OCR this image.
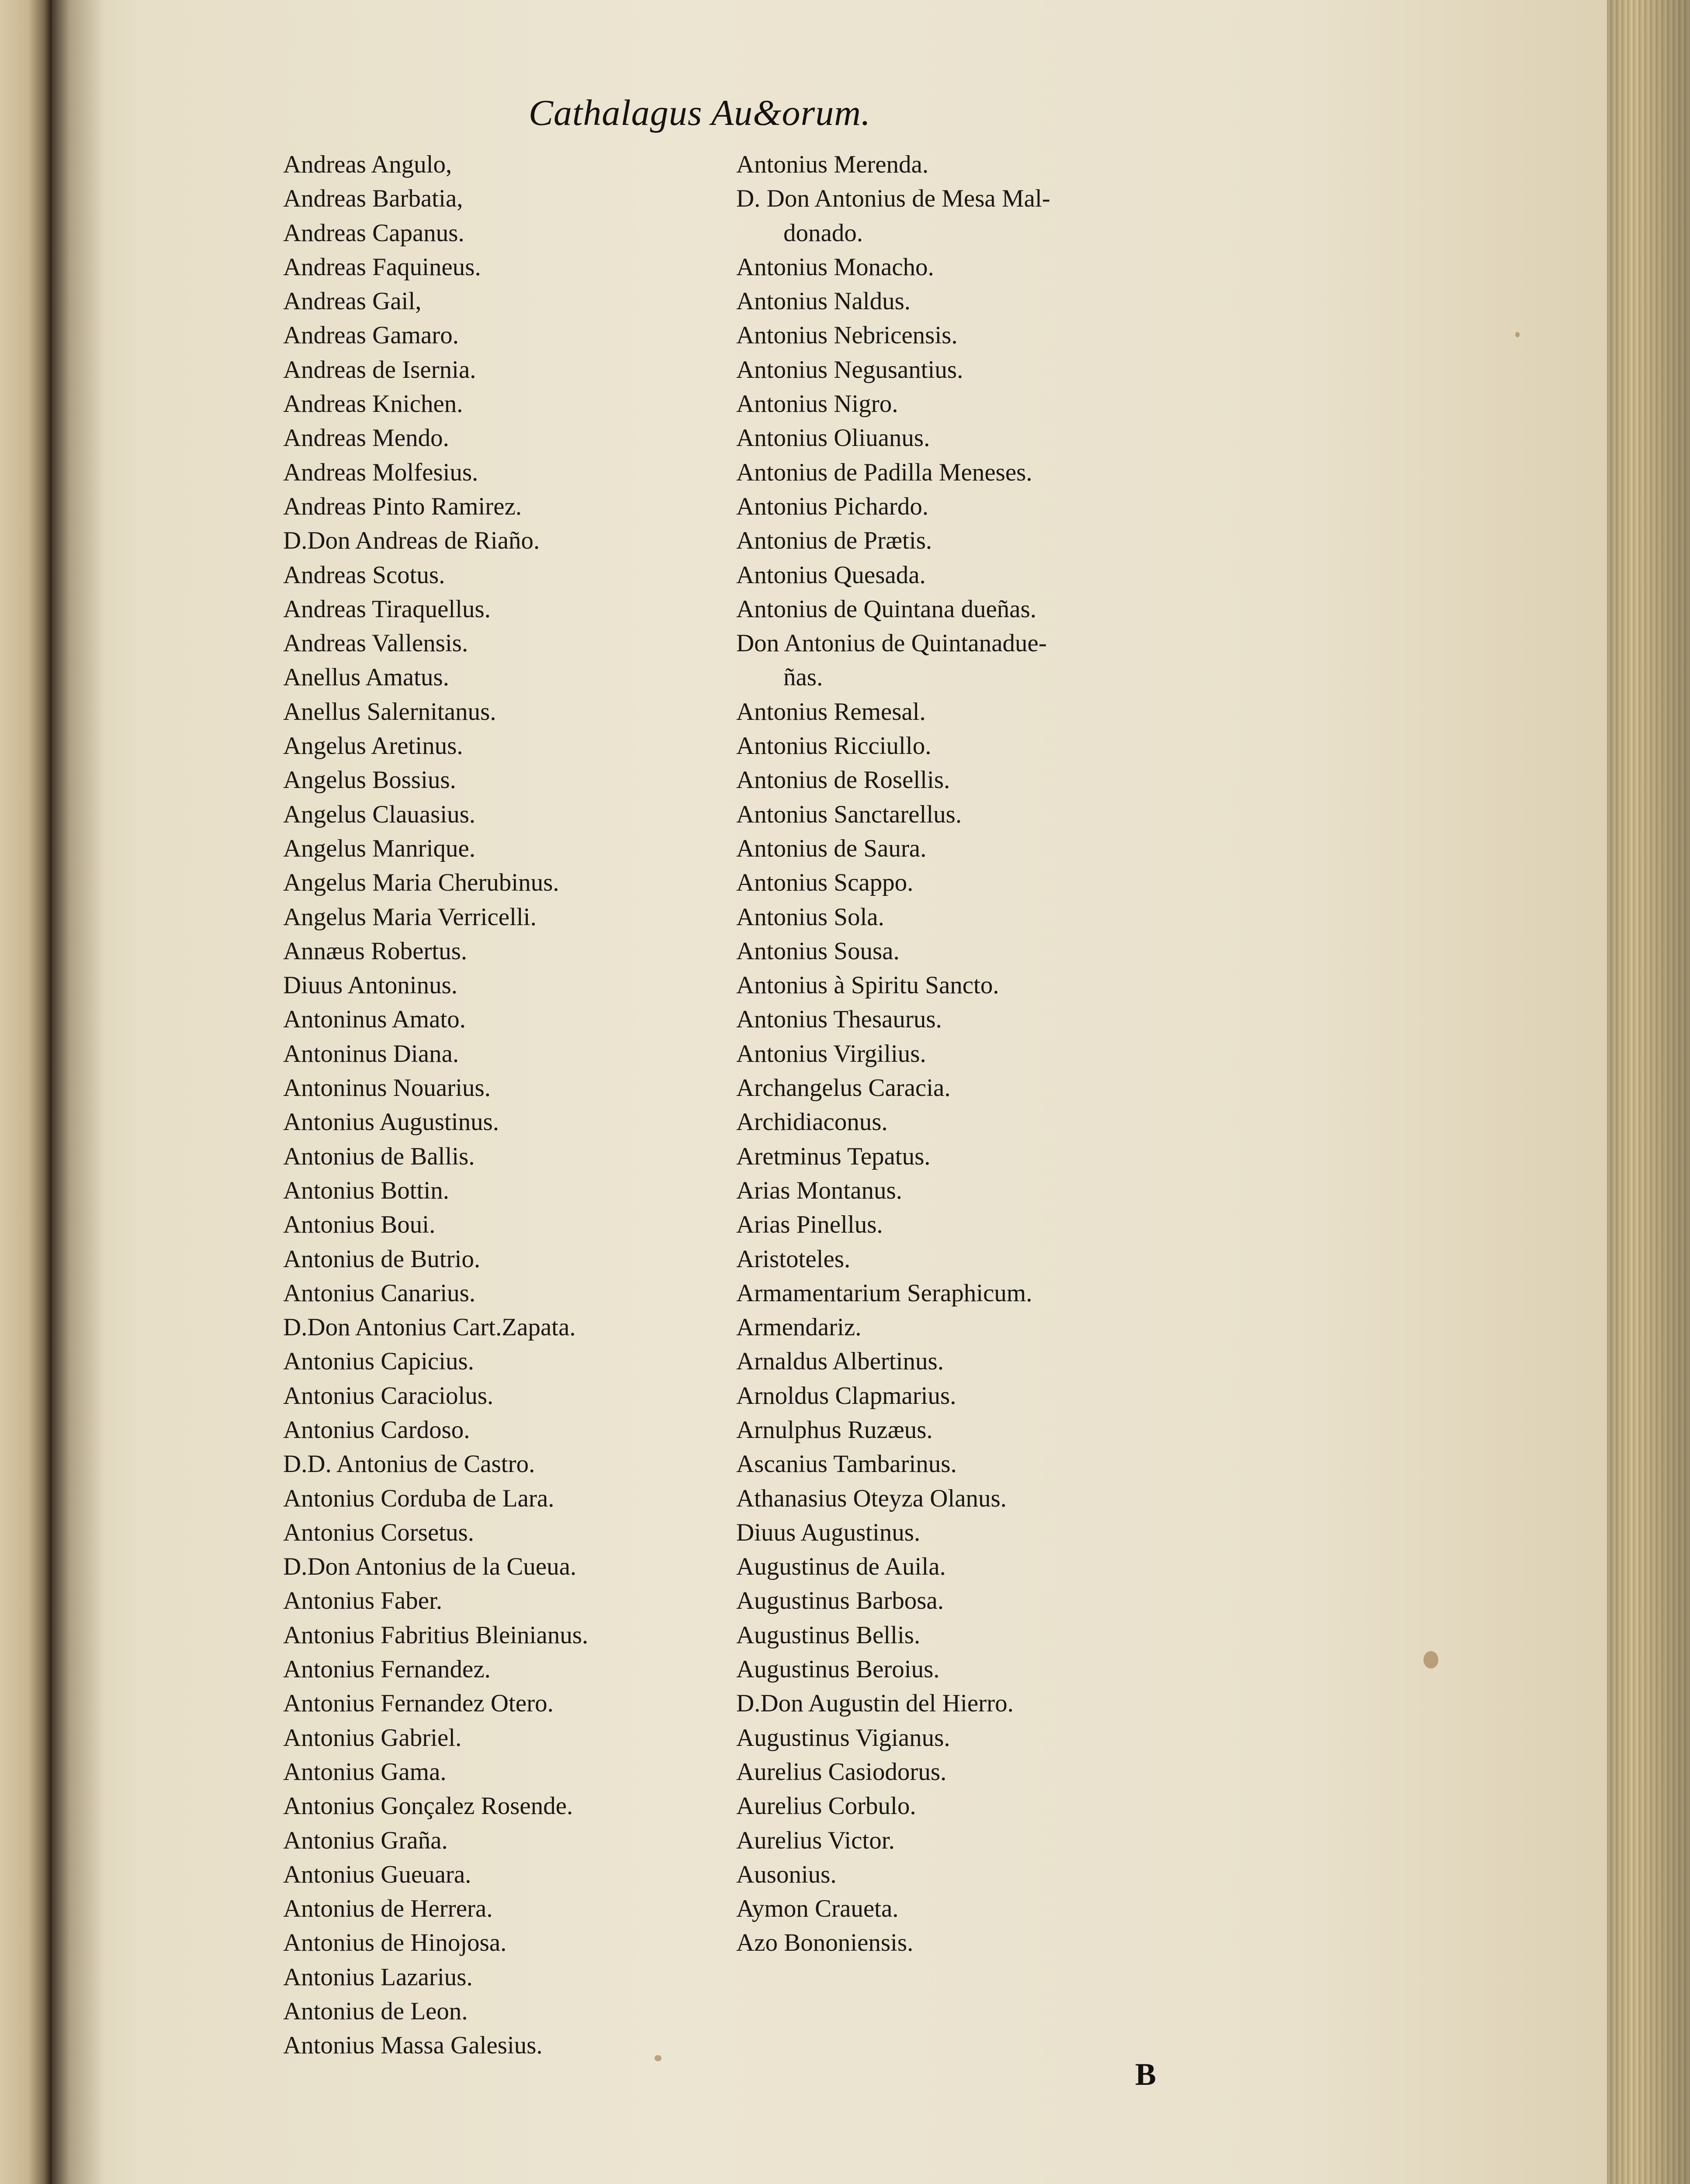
Cathalagus Au&orum.
Andreas Angulo,
Andreas Barbatia,
Andreas Capanus.
Andreas Faquineus.
Andreas Gail,
Andreas Gamaro.
Andreas de Isernia.
Andreas Knichen.
Andreas Mendo.
Andreas Molfesius.
Andreas Pinto Ramirez.
D.Don Andreas de Riaño.
Andreas Scotus.
Andreas Tiraquellus.
Andreas Vallensis.
Anellus Amatus.
Anellus Salernitanus.
Angelus Aretinus.
Angelus Bossius.
Angelus Clauasius.
Angelus Manrique.
Angelus Maria Cherubinus.
Angelus Maria Verricelli.
Annæus Robertus.
Diuus Antoninus.
Antoninus Amato.
Antoninus Diana.
Antoninus Nouarius.
Antonius Augustinus.
Antonius de Ballis.
Antonius Bottin.
Antonius Boui.
Antonius de Butrio.
Antonius Canarius.
D.Don Antonius Cart.Zapata.
Antonius Capicius.
Antonius Caraciolus.
Antonius Cardoso.
D.D. Antonius de Castro.
Antonius Corduba de Lara.
Antonius Corsetus.
D.Don Antonius de la Cueua.
Antonius Faber.
Antonius Fabritius Bleinianus.
Antonius Fernandez.
Antonius Fernandez Otero.
Antonius Gabriel.
Antonius Gama.
Antonius Gonçalez Rosende.
Antonius Graña.
Antonius Gueuara.
Antonius de Herrera.
Antonius de Hinojosa.
Antonius Lazarius.
Antonius de Leon.
Antonius Massa Galesius.
Antonius Merenda.
D. Don Antonius de Mesa Mal-
donado.
Antonius Monacho.
Antonius Naldus.
Antonius Nebricensis.
Antonius Negusantius.
Antonius Nigro.
Antonius Oliuanus.
Antonius de Padilla Meneses.
Antonius Pichardo.
Antonius de Prætis.
Antonius Quesada.
Antonius de Quintana dueñas.
Don Antonius de Quintanadue-
ñas.
Antonius Remesal.
Antonius Ricciullo.
Antonius de Rosellis.
Antonius Sanctarellus.
Antonius de Saura.
Antonius Scappo.
Antonius Sola.
Antonius Sousa.
Antonius à Spiritu Sancto.
Antonius Thesaurus.
Antonius Virgilius.
Archangelus Caracia.
Archidiaconus.
Aretminus Tepatus.
Arias Montanus.
Arias Pinellus.
Aristoteles.
Armamentarium Seraphicum.
Armendariz.
Arnaldus Albertinus.
Arnoldus Clapmarius.
Arnulphus Ruzæus.
Ascanius Tambarinus.
Athanasius Oteyza Olanus.
Diuus Augustinus.
Augustinus de Auila.
Augustinus Barbosa.
Augustinus Bellis.
Augustinus Beroius.
D.Don Augustin del Hierro.
Augustinus Vigianus.
Aurelius Casiodorus.
Aurelius Corbulo.
Aurelius Victor.
Ausonius.
Aymon Craueta.
Azo Bononiensis.
B
